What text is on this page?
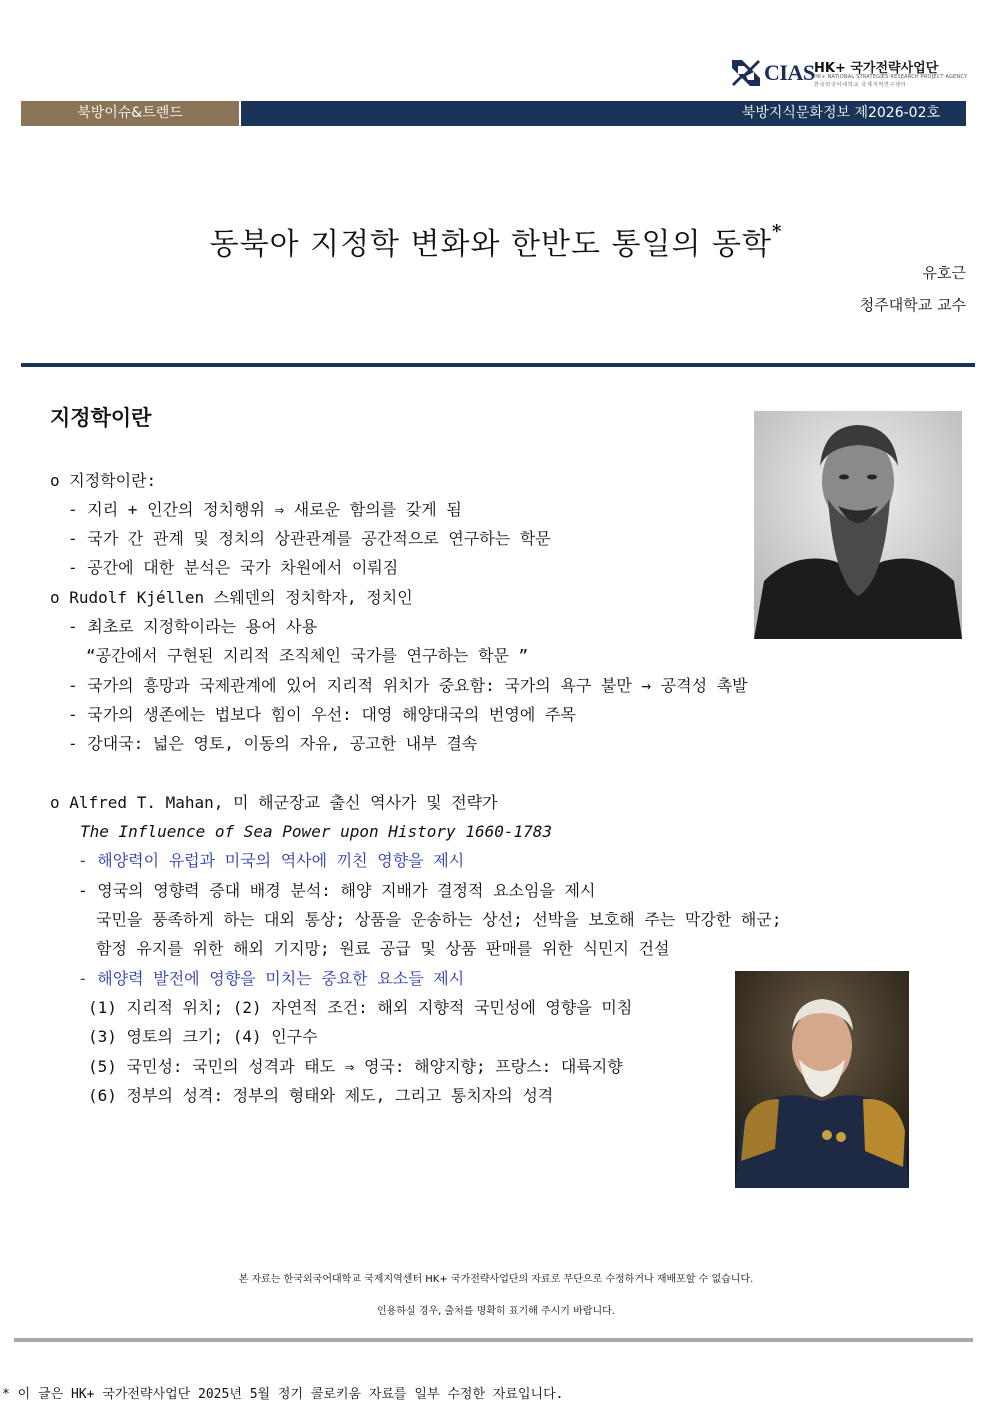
CIAS HK+ 국가전략사업단
HK+ NATIONAL STRATEGIES RESEARCH PROJECT AGENCY
한국외국어대학교 국제지역연구센터
북방이슈&트렌드	북방지식문화정보 제2026-02호
동북아 지정학 변화와 한반도 통일의 동학*
유호근
청주대학교 교수
지정학이란
o 지정학이란:
- 지리 + 인간의 정치행위 ⇒ 새로운 함의를 갖게 됨
- 국가 간 관계 및 정치의 상관관계를 공간적으로 연구하는 학문
- 공간에 대한 분석은 국가 차원에서 이뤄짐
o Rudolf Kjéllen 스웨덴의 정치학자, 정치인
- 최초로 지정학이라는 용어 사용
“공간에서 구현된 지리적 조직체인 국가를 연구하는 학문 ”
- 국가의 흥망과 국제관계에 있어 지리적 위치가 중요함: 국가의 욕구 불만 → 공격성 촉발
- 국가의 생존에는 법보다 힘이 우선: 대영 해양대국의 번영에 주목
- 강대국: 넓은 영토, 이동의 자유, 공고한 내부 결속
o Alfred T. Mahan, 미 해군장교 출신 역사가 및 전략가
The Influence of Sea Power upon History 1660-1783
- 해양력이 유럽과 미국의 역사에 끼친 영향을 제시
- 영국의 영향력 증대 배경 분석: 해양 지배가 결정적 요소임을 제시
국민을 풍족하게 하는 대외 통상; 상품을 운송하는 상선; 선박을 보호해 주는 막강한 해군;
함정 유지를 위한 해외 기지망; 원료 공급 및 상품 판매를 위한 식민지 건설
- 해양력 발전에 영향을 미치는 중요한 요소들 제시
(1) 지리적 위치; (2) 자연적 조건: 해외 지향적 국민성에 영향을 미침
(3) 영토의 크기; (4) 인구수
(5) 국민성: 국민의 성격과 태도 ⇒ 영국: 해양지향; 프랑스: 대륙지향
(6) 정부의 성격: 정부의 형태와 제도, 그리고 통치자의 성격
본 자료는 한국외국어대학교 국제지역센터 HK+ 국가전략사업단의 자료로 무단으로 수정하거나 재배포할 수 없습니다.
인용하실 경우, 출처를 명확히 표기해 주시기 바랍니다.
* 이 글은 HK+ 국가전략사업단 2025년 5월 정기 콜로키움 자료를 일부 수정한 자료입니다.
